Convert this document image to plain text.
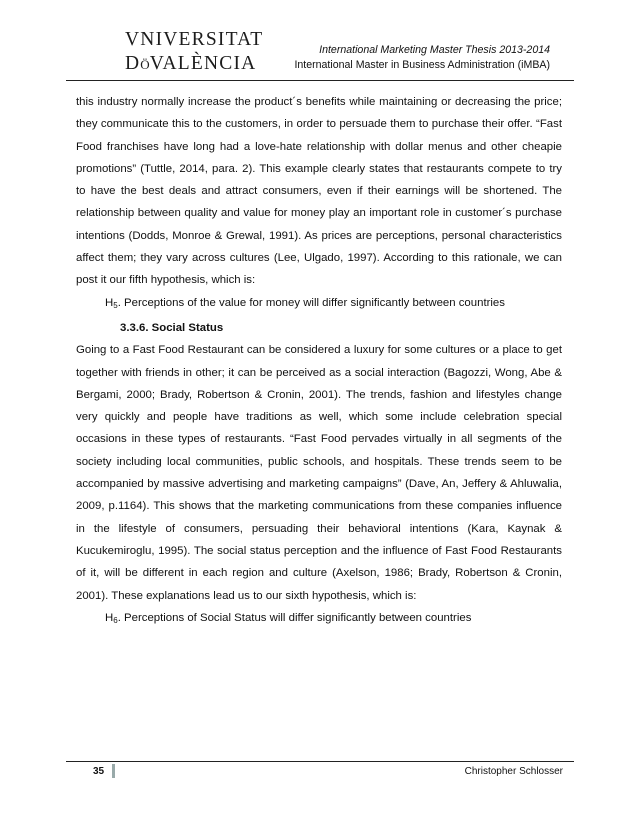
VNIVERSITAT
DÖVALÈNCIA
International Marketing Master Thesis 2013-2014
International Master in Business Administration (iMBA)

this industry normally increase the product´s benefits while maintaining or decreasing the price; they communicate this to the customers, in order to persuade them to purchase their offer. “Fast Food franchises have long had a love-hate relationship with dollar menus and other cheapie promotions” (Tuttle, 2014, para. 2). This example clearly states that restaurants compete to try to have the best deals and attract consumers, even if their earnings will be shortened. The relationship between quality and value for money play an important role in customer´s purchase intentions (Dodds, Monroe & Grewal, 1991). As prices are perceptions, personal characteristics affect them; they vary across cultures (Lee, Ulgado, 1997). According to this rationale, we can post it our fifth hypothesis, which is:

$H_5$. Perceptions of the value for money will differ significantly between countries

3.3.6. Social Status

Going to a Fast Food Restaurant can be considered a luxury for some cultures or a place to get together with friends in other; it can be perceived as a social interaction (Bagozzi, Wong, Abe & Bergami, 2000; Brady, Robertson & Cronin, 2001). The trends, fashion and lifestyles change very quickly and people have traditions as well, which some include celebration special occasions in these types of restaurants. “Fast Food pervades virtually in all segments of the society including local communities, public schools, and hospitals. These trends seem to be accompanied by massive advertising and marketing campaigns” (Dave, An, Jeffery & Ahluwalia, 2009, p.1164). This shows that the marketing communications from these companies influence in the lifestyle of consumers, persuading their behavioral intentions (Kara, Kaynak & Kucukemiroglu, 1995). The social status perception and the influence of Fast Food Restaurants of it, will be different in each region and culture (Axelson, 1986; Brady, Robertson & Cronin, 2001). These explanations lead us to our sixth hypothesis, which is:

$H_6$. Perceptions of Social Status will differ significantly between countries

35	Christopher Schlosser
